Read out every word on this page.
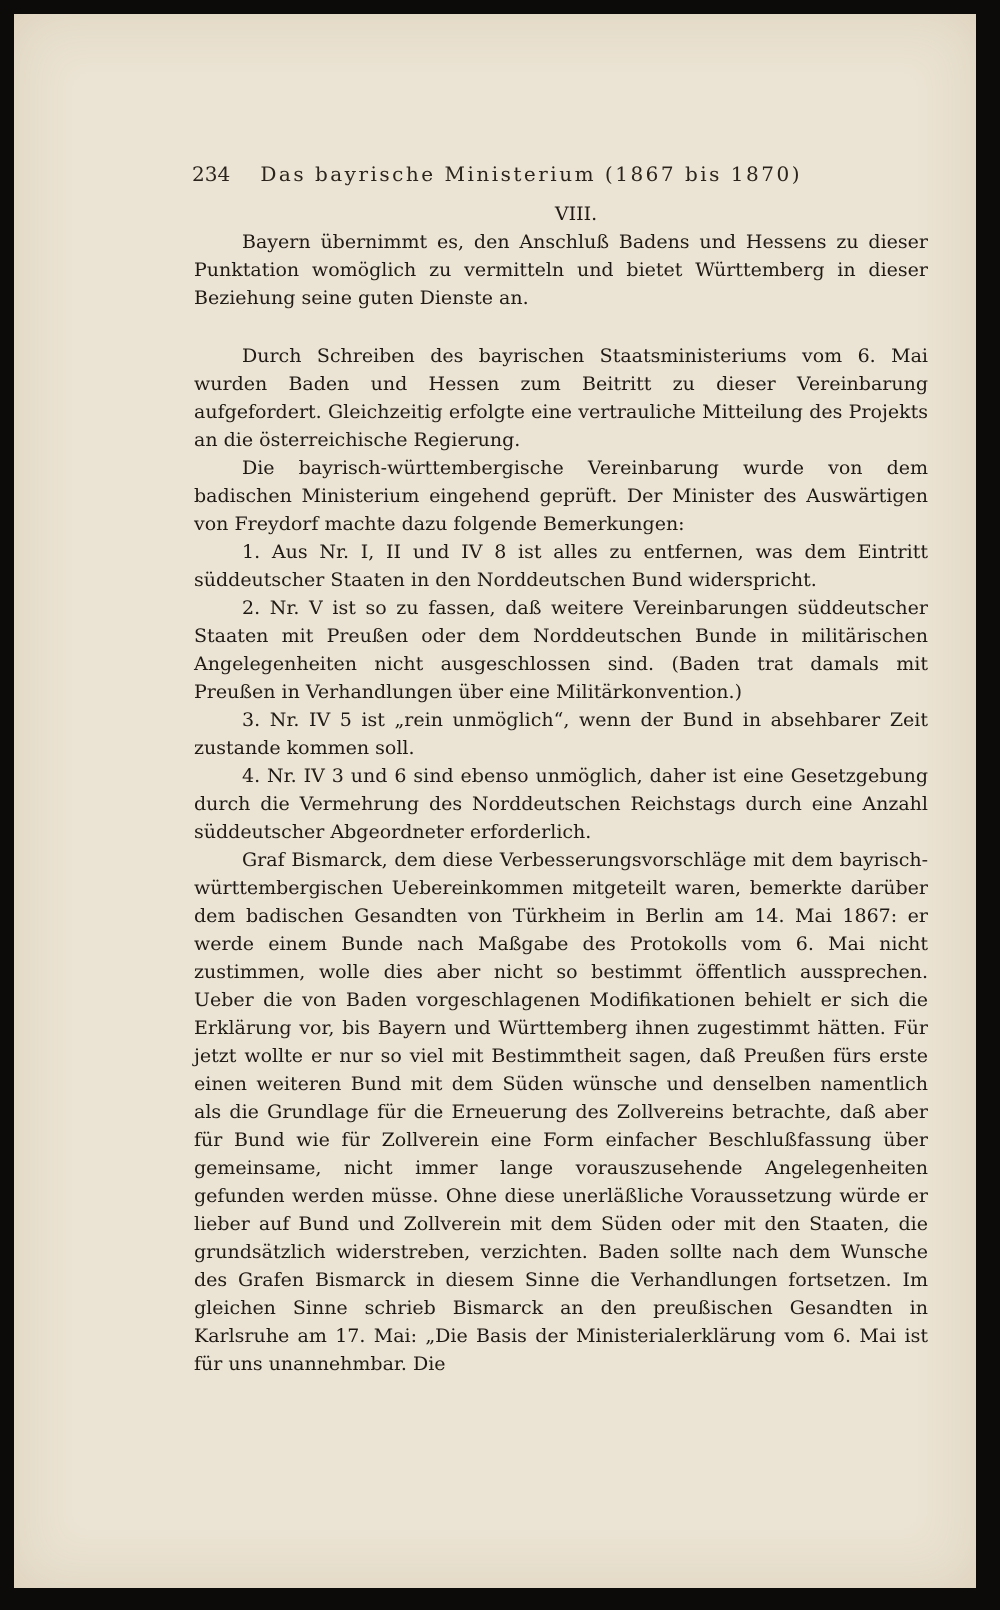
234 Das bayrische Ministerium (1867 bis 1870)
VIII.

Bayern übernimmt es, den Anschluß Badens und Hessens zu dieser Punktation womöglich zu vermitteln und bietet Württemberg in dieser Beziehung seine guten Dienste an.

Durch Schreiben des bayrischen Staatsministeriums vom 6. Mai wurden Baden und Hessen zum Beitritt zu dieser Vereinbarung aufgefordert. Gleichzeitig erfolgte eine vertrauliche Mitteilung des Projekts an die österreichische Regierung.

Die bayrisch-württembergische Vereinbarung wurde von dem badischen Ministerium eingehend geprüft. Der Minister des Auswärtigen von Freydorf machte dazu folgende Bemerkungen:

1. Aus Nr. I, II und IV 8 ist alles zu entfernen, was dem Eintritt süddeutscher Staaten in den Norddeutschen Bund widerspricht.

2. Nr. V ist so zu fassen, daß weitere Vereinbarungen süddeutscher Staaten mit Preußen oder dem Norddeutschen Bunde in militärischen Angelegenheiten nicht ausgeschlossen sind. (Baden trat damals mit Preußen in Verhandlungen über eine Militärkonvention.)

3. Nr. IV 5 ist „rein unmöglich“, wenn der Bund in absehbarer Zeit zustande kommen soll.

4. Nr. IV 3 und 6 sind ebenso unmöglich, daher ist eine Gesetzgebung durch die Vermehrung des Norddeutschen Reichstags durch eine Anzahl süddeutscher Abgeordneter erforderlich.

Graf Bismarck, dem diese Verbesserungsvorschläge mit dem bayrisch-württembergischen Uebereinkommen mitgeteilt waren, bemerkte darüber dem badischen Gesandten von Türkheim in Berlin am 14. Mai 1867: er werde einem Bunde nach Maßgabe des Protokolls vom 6. Mai nicht zustimmen, wolle dies aber nicht so bestimmt öffentlich aussprechen. Ueber die von Baden vorgeschlagenen Modifikationen behielt er sich die Erklärung vor, bis Bayern und Württemberg ihnen zugestimmt hätten. Für jetzt wollte er nur so viel mit Bestimmtheit sagen, daß Preußen fürs erste einen weiteren Bund mit dem Süden wünsche und denselben namentlich als die Grundlage für die Erneuerung des Zollvereins betrachte, daß aber für Bund wie für Zollverein eine Form einfacher Beschlußfassung über gemeinsame, nicht immer lange vorauszusehende Angelegenheiten gefunden werden müsse. Ohne diese unerläßliche Voraussetzung würde er lieber auf Bund und Zollverein mit dem Süden oder mit den Staaten, die grundsätzlich widerstreben, verzichten. Baden sollte nach dem Wunsche des Grafen Bismarck in diesem Sinne die Verhandlungen fortsetzen. Im gleichen Sinne schrieb Bismarck an den preußischen Gesandten in Karlsruhe am 17. Mai: „Die Basis der Ministerialerklärung vom 6. Mai ist für uns unannehmbar. Die
